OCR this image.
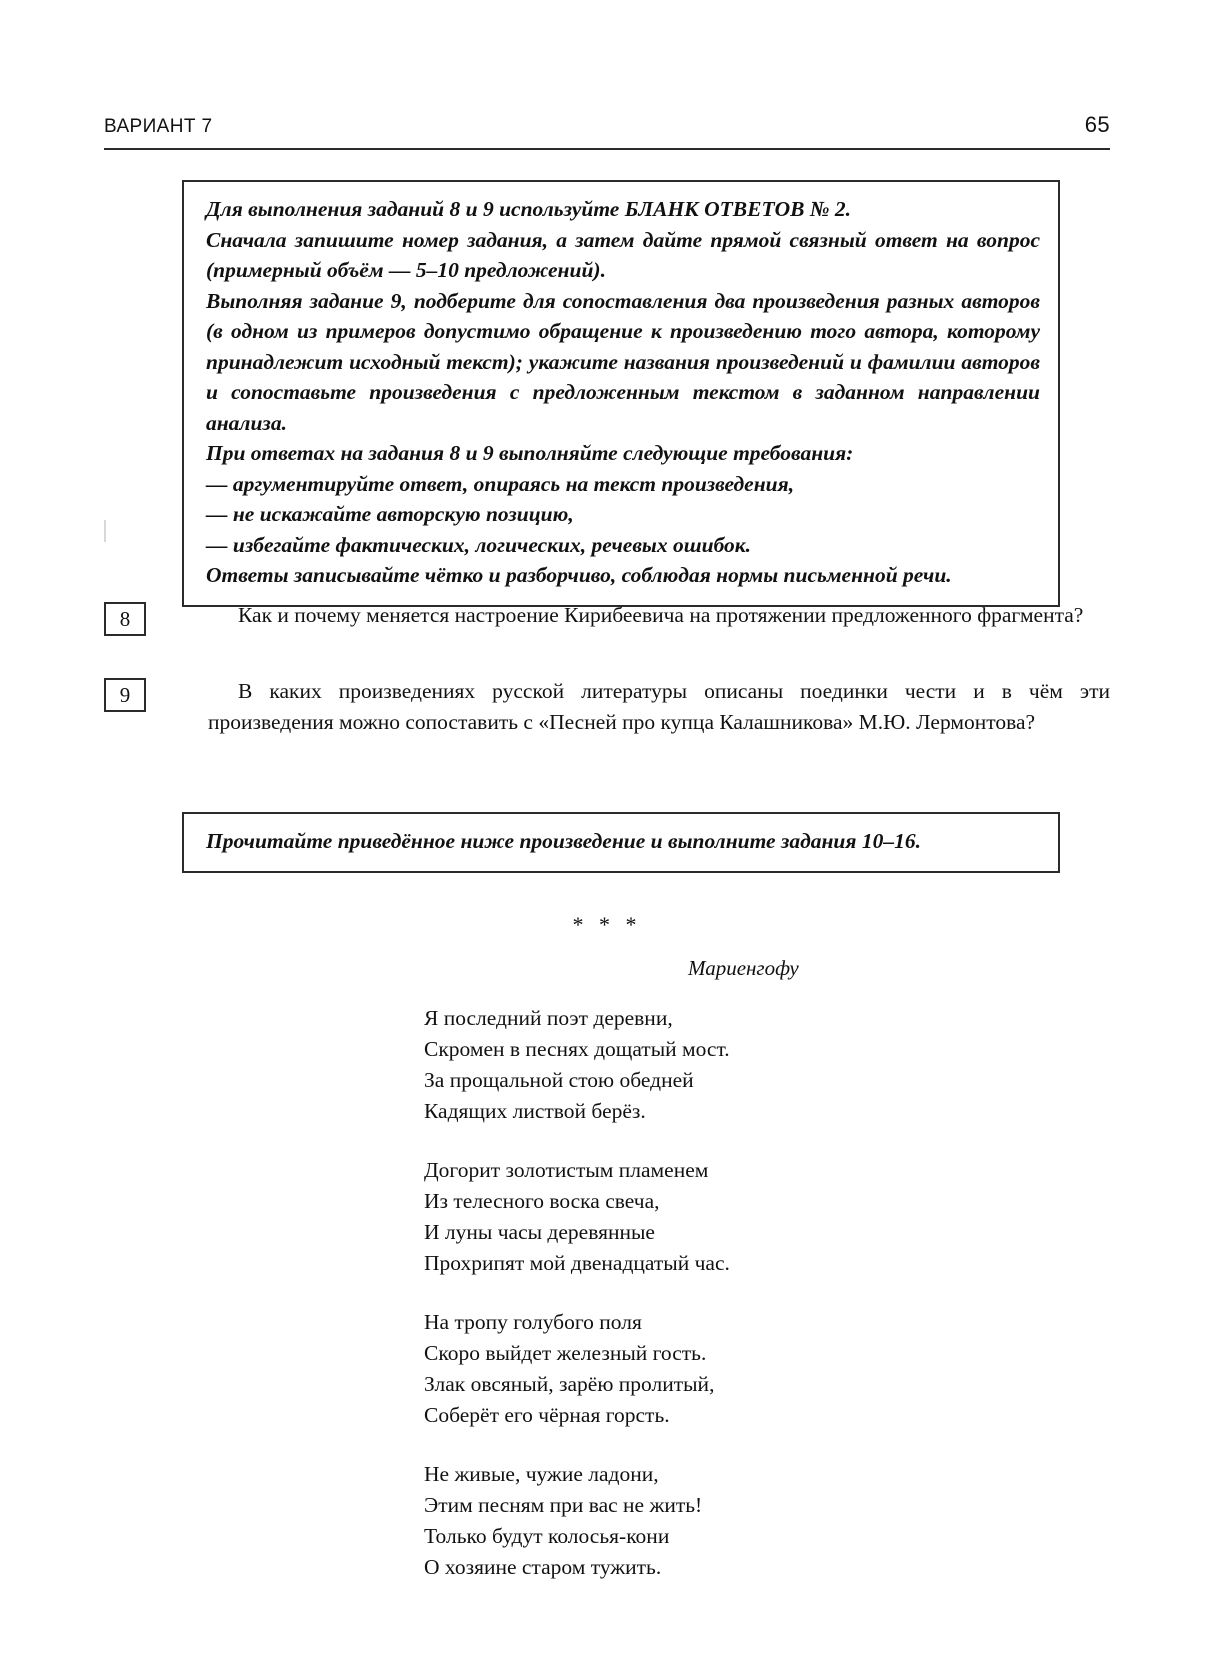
ВАРИАНТ 7	65
Для выполнения заданий 8 и 9 используйте БЛАНК ОТВЕТОВ № 2.
Сначала запишите номер задания, а затем дайте прямой связный ответ на вопрос (примерный объём — 5–10 предложений).
Выполняя задание 9, подберите для сопоставления два произведения разных авторов (в одном из примеров допустимо обращение к произведению того автора, которому принадлежит исходный текст); укажите названия произведений и фамилии авторов и сопоставьте произведения с предложенным текстом в заданном направлении анализа.
При ответах на задания 8 и 9 выполняйте следующие требования:
— аргументируйте ответ, опираясь на текст произведения,
— не искажайте авторскую позицию,
— избегайте фактических, логических, речевых ошибок.
Ответы записывайте чётко и разборчиво, соблюдая нормы письменной речи.
8	Как и почему меняется настроение Кирибеевича на протяжении предложенного фрагмента?
9	В каких произведениях русской литературы описаны поединки чести и в чём эти произведения можно сопоставить с «Песней про купца Калашникова» М.Ю. Лермонтова?
Прочитайте приведённое ниже произведение и выполните задания 10–16.
* * *
Мариенгофу
Я последний поэт деревни,
Скромен в песнях дощатый мост.
За прощальной стою обедней
Кадящих листвой берёз.
Догорит золотистым пламенем
Из телесного воска свеча,
И луны часы деревянные
Прохрипят мой двенадцатый час.
На тропу голубого поля
Скоро выйдет железный гость.
Злак овсяный, зарёю пролитый,
Соберёт его чёрная горсть.
Не живые, чужие ладони,
Этим песням при вас не жить!
Только будут колосья-кони
О хозяине старом тужить.
